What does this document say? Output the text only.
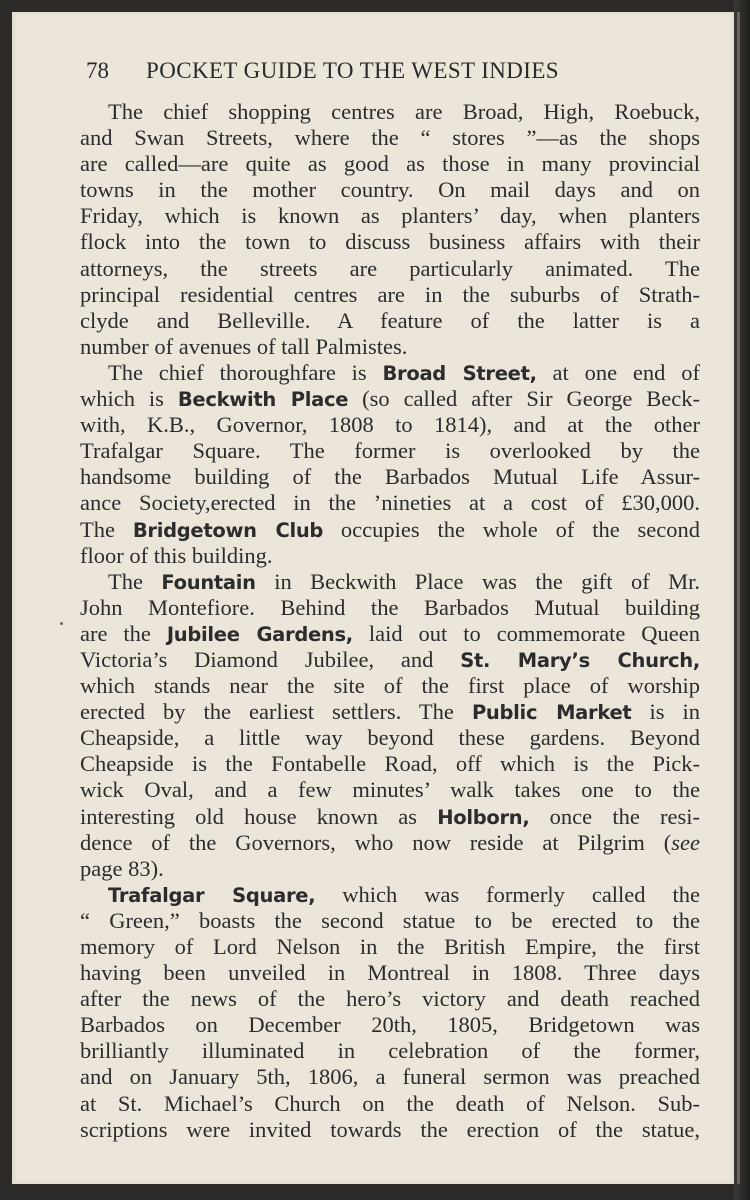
78 POCKET GUIDE TO THE WEST INDIES
The chief shopping centres are Broad, High, Roebuck,
and Swan Streets, where the “ stores ”—as the shops
are called—are quite as good as those in many provincial
towns in the mother country. On mail days and on
Friday, which is known as planters’ day, when planters
flock into the town to discuss business affairs with their
attorneys, the streets are particularly animated. The
principal residential centres are in the suburbs of Strath-
clyde and Belleville. A feature of the latter is a
number of avenues of tall Palmistes.
The chief thoroughfare is Broad Street, at one end of
which is Beckwith Place (so called after Sir George Beck-
with, K.B., Governor, 1808 to 1814), and at the other
Trafalgar Square. The former is overlooked by the
handsome building of the Barbados Mutual Life Assur-
ance Society,erected in the ’nineties at a cost of £30,000.
The Bridgetown Club occupies the whole of the second
floor of this building.
The Fountain in Beckwith Place was the gift of Mr.
John Montefiore. Behind the Barbados Mutual building
are the Jubilee Gardens, laid out to commemorate Queen
Victoria’s Diamond Jubilee, and St. Mary’s Church,
which stands near the site of the first place of worship
erected by the earliest settlers. The Public Market is in
Cheapside, a little way beyond these gardens. Beyond
Cheapside is the Fontabelle Road, off which is the Pick-
wick Oval, and a few minutes’ walk takes one to the
interesting old house known as Holborn, once the resi-
dence of the Governors, who now reside at Pilgrim (see
page 83).
Trafalgar Square, which was formerly called the
“ Green,” boasts the second statue to be erected to the
memory of Lord Nelson in the British Empire, the first
having been unveiled in Montreal in 1808. Three days
after the news of the hero’s victory and death reached
Barbados on December 20th, 1805, Bridgetown was
brilliantly illuminated in celebration of the former,
and on January 5th, 1806, a funeral sermon was preached
at St. Michael’s Church on the death of Nelson. Sub-
scriptions were invited towards the erection of the statue,
